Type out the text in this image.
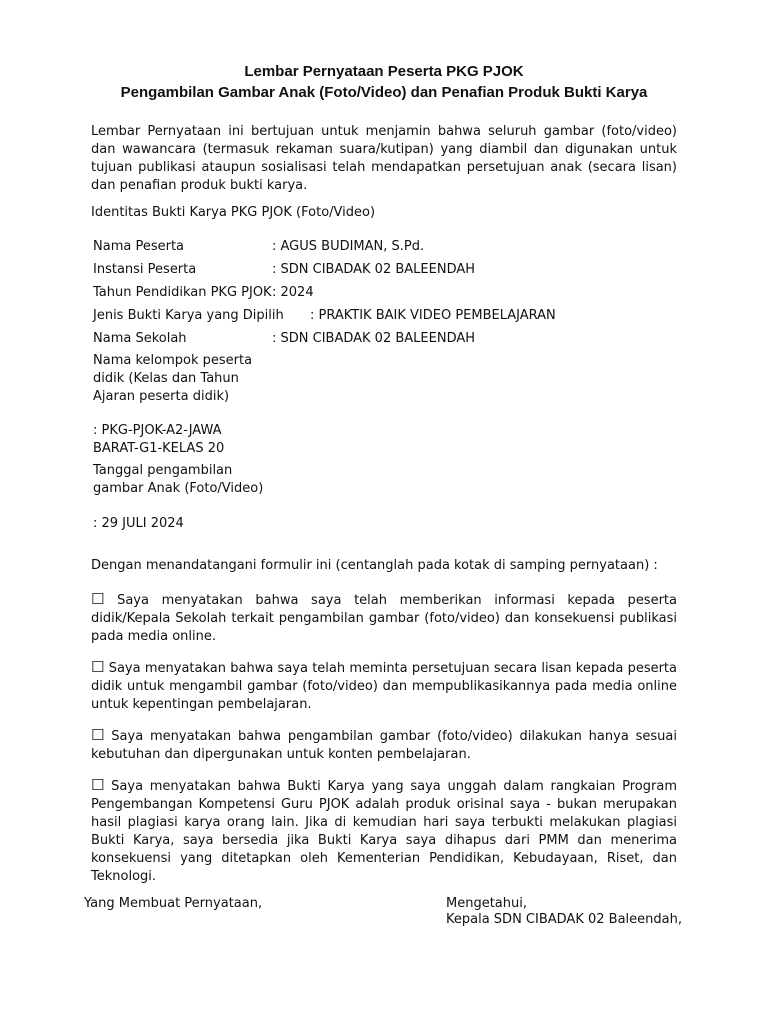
Lembar Pernyataan Peserta PKG PJOK
Pengambilan Gambar Anak (Foto/Video) dan Penafian Produk Bukti Karya

Lembar Pernyataan ini bertujuan untuk menjamin bahwa seluruh gambar (foto/video) dan wawancara (termasuk rekaman suara/kutipan) yang diambil dan digunakan untuk tujuan publikasi ataupun sosialisasi telah mendapatkan persetujuan anak (secara lisan) dan penafian produk bukti karya.

Identitas Bukti Karya PKG PJOK (Foto/Video)
Nama Peserta	: AGUS BUDIMAN, S.Pd.
Instansi Peserta	: SDN CIBADAK 02 BALEENDAH
Tahun Pendidikan PKG PJOK : 2024
Jenis Bukti Karya yang Dipilih : PRAKTIK BAIK VIDEO PEMBELAJARAN
Nama Sekolah	: SDN CIBADAK 02 BALEENDAH
Nama kelompok peserta didik (Kelas dan Tahun Ajaran peserta didik)
: PKG-PJOK-A2-JAWA BARAT-G1-KELAS 20
Tanggal pengambilan gambar Anak (Foto/Video)
: 29 JULI 2024
Dengan menandatangani formulir ini (centanglah pada kotak di samping pernyataan) :

☐ Saya menyatakan bahwa saya telah memberikan informasi kepada peserta didik/Kepala Sekolah terkait pengambilan gambar (foto/video) dan konsekuensi publikasi pada media online.

☐ Saya menyatakan bahwa saya telah meminta persetujuan secara lisan kepada peserta didik untuk mengambil gambar (foto/video) dan mempublikasikannya pada media online untuk kepentingan pembelajaran.

☐ Saya menyatakan bahwa pengambilan gambar (foto/video) dilakukan hanya sesuai kebutuhan dan dipergunakan untuk konten pembelajaran.

☐ Saya menyatakan bahwa Bukti Karya yang saya unggah dalam rangkaian Program Pengembangan Kompetensi Guru PJOK adalah produk orisinal saya - bukan merupakan hasil plagiasi karya orang lain. Jika di kemudian hari saya terbukti melakukan plagiasi Bukti Karya, saya bersedia jika Bukti Karya saya dihapus dari PMM dan menerima konsekuensi yang ditetapkan oleh Kementerian Pendidikan, Kebudayaan, Riset, dan Teknologi.

Yang Membuat Pernyataan,	Mengetahui,
Kepala SDN CIBADAK 02 Baleendah,
